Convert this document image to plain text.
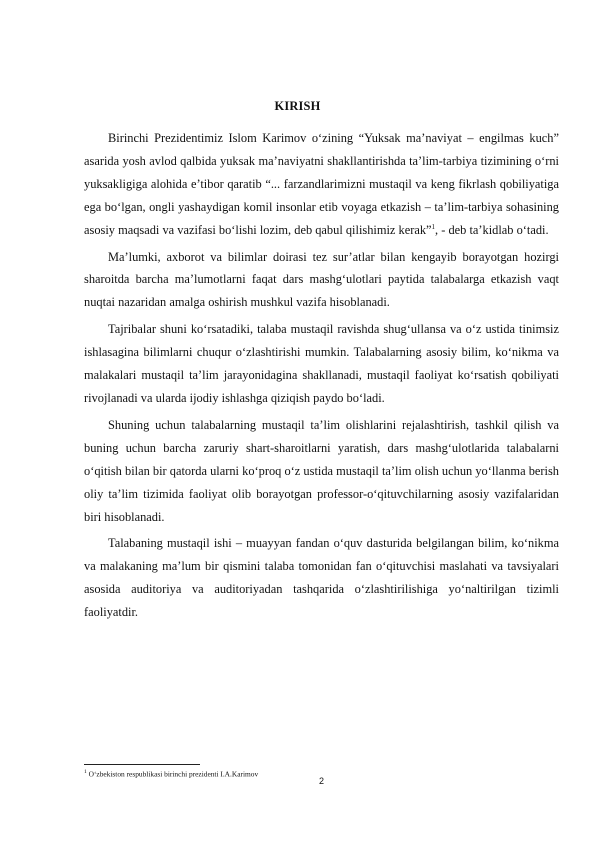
KIRISH

Birinchi Prezidentimiz Islom Karimov o‘zining “Yuksak ma’naviyat – engilmas kuch” asarida yosh avlod qalbida yuksak ma’naviyatni shakllantirishda ta’lim-tarbiya tizimining o‘rni yuksakligiga alohida e’tibor qaratib “... farzandlarimizni mustaqil va keng fikrlash qobiliyatiga ega bo‘lgan, ongli yashaydigan komil insonlar etib voyaga etkazish – ta’lim-tarbiya sohasining asosiy maqsadi va vazifasi bo‘lishi lozim, deb qabul qilishimiz kerak”$^1$, - deb ta’kidlab o‘tadi.

Ma’lumki, axborot va bilimlar doirasi tez sur’atlar bilan kengayib borayotgan hozirgi sharoitda barcha ma’lumotlarni faqat dars mashg‘ulotlari paytida talabalarga etkazish vaqt nuqtai nazaridan amalga oshirish mushkul vazifa hisoblanadi.

Tajribalar shuni ko‘rsatadiki, talaba mustaqil ravishda shug‘ullansa va o‘z ustida tinimsiz ishlasagina bilimlarni chuqur o‘zlashtirishi mumkin. Talabalarning asosiy bilim, ko‘nikma va malakalari mustaqil ta’lim jarayonidagina shakllanadi, mustaqil faoliyat ko‘rsatish qobiliyati rivojlanadi va ularda ijodiy ishlashga qiziqish paydo bo‘ladi.

Shuning uchun talabalarning mustaqil ta’lim olishlarini rejalashtirish, tashkil qilish va buning uchun barcha zaruriy shart-sharoitlarni yaratish, dars mashg‘ulotlarida talabalarni o‘qitish bilan bir qatorda ularni ko‘proq o‘z ustida mustaqil ta’lim olish uchun yo‘llanma berish oliy ta’lim tizimida faoliyat olib borayotgan professor-o‘qituvchilarning asosiy vazifalaridan biri hisoblanadi.

Talabaning mustaqil ishi – muayyan fandan o‘quv dasturida belgilangan bilim, ko‘nikma va malakaning ma’lum bir qismini talaba tomonidan fan o‘qituvchisi maslahati va tavsiyalari asosida auditoriya va auditoriyadan tashqarida o‘zlashtirilishiga yo‘naltirilgan tizimli faoliyatdir.

$^1$ O‘zbekiston respublikasi birinchi prezidenti I.A.Karimov
2
